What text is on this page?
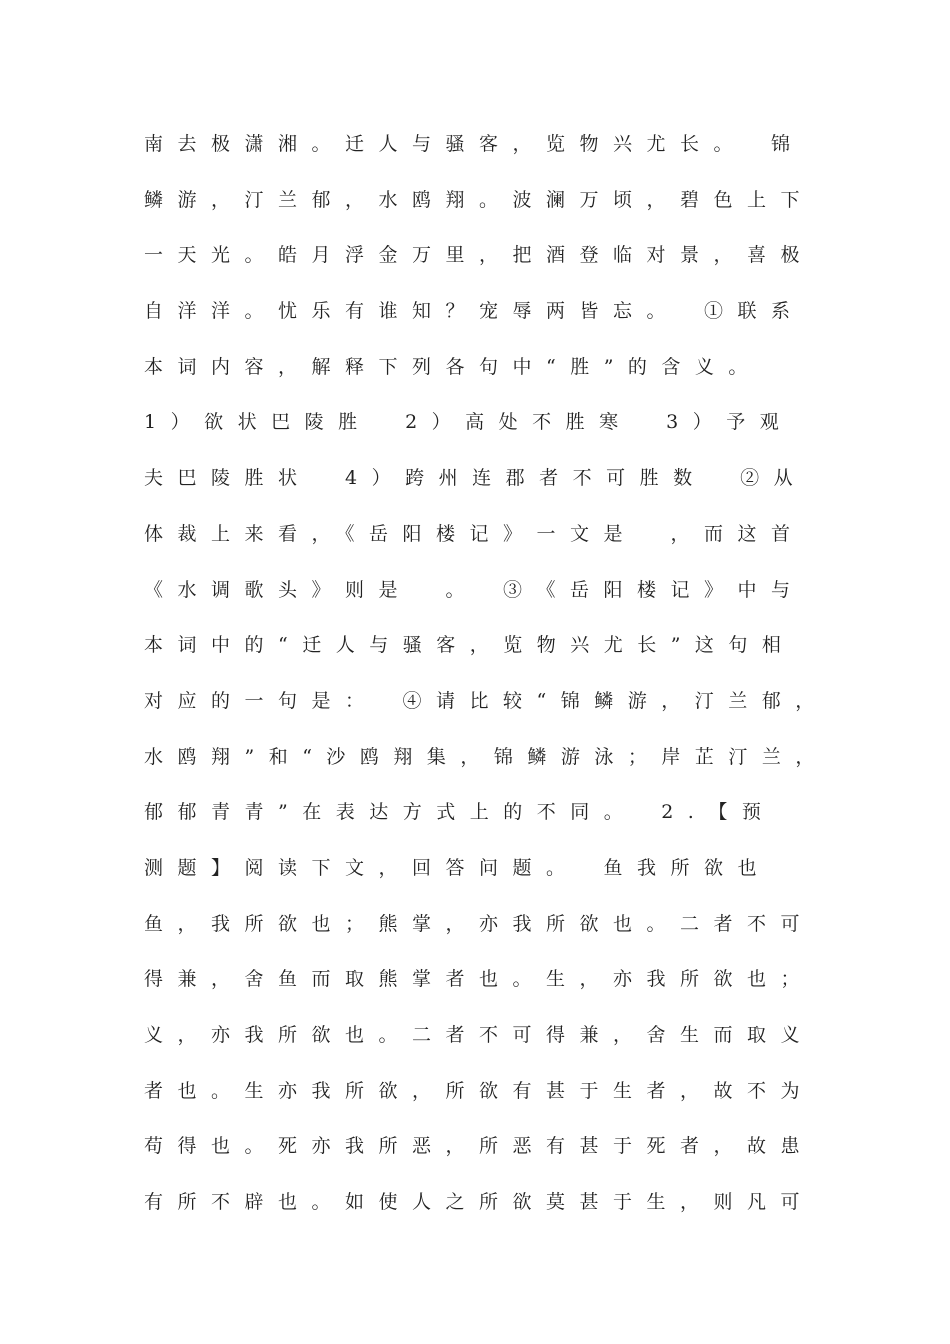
南去极潇湘。迁人与骚客，览物兴尤长。　锦
鳞游，汀兰郁，水鸥翔。波澜万顷，碧色上下
一天光。皓月浮金万里，把酒登临对景，喜极
自洋洋。忧乐有谁知？宠辱两皆忘。　①联系
本词内容，解释下列各句中“胜”的含义。
1）欲状巴陵胜　2）高处不胜寒　3）予观
夫巴陵胜状　4）跨州连郡者不可胜数　②从
体裁上来看，《岳阳楼记》一文是　，而这首
《水调歌头》则是　。　③《岳阳楼记》中与
本词中的“迁人与骚客，览物兴尤长”这句相
对应的一句是：　④请比较“锦鳞游，汀兰郁，
水鸥翔”和“沙鸥翔集，锦鳞游泳；岸芷汀兰，
郁郁青青”在表达方式上的不同。　2.【预
测题】阅读下文，回答问题。　鱼我所欲也
鱼，我所欲也；熊掌，亦我所欲也。二者不可
得兼，舍鱼而取熊掌者也。生，亦我所欲也；
义，亦我所欲也。二者不可得兼，舍生而取义
者也。生亦我所欲，所欲有甚于生者，故不为
苟得也。死亦我所恶，所恶有甚于死者，故患
有所不辟也。如使人之所欲莫甚于生，则凡可
